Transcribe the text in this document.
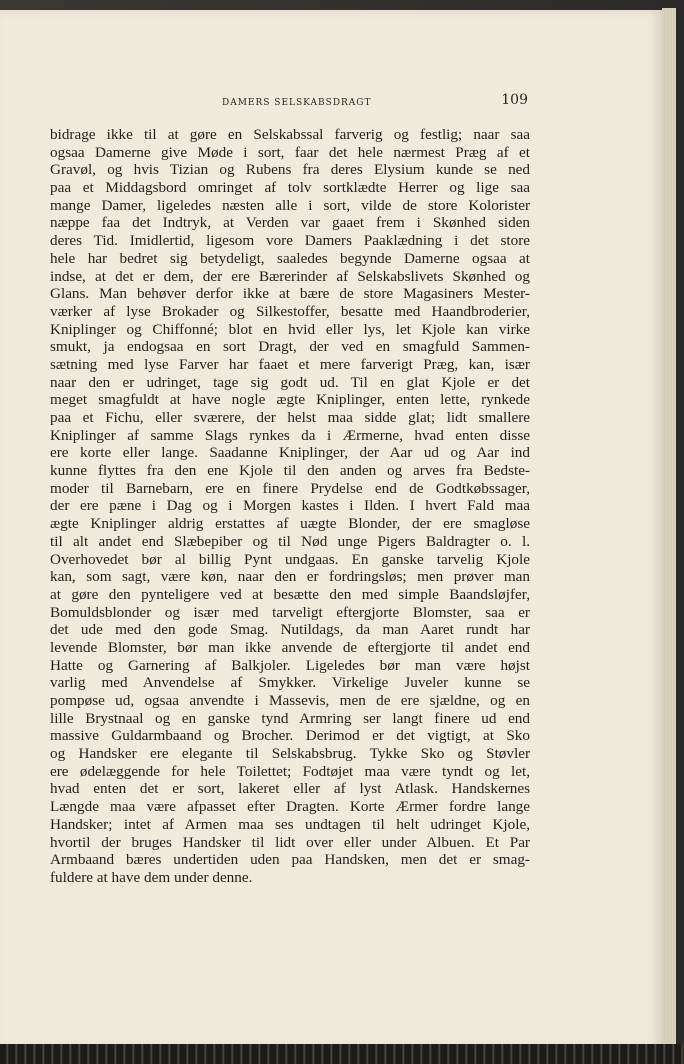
DAMERS SELSKABSDRAGT	109
bidrage ikke til at gøre en Selskabssal farverig og festlig; naar saa
ogsaa Damerne give Møde i sort, faar det hele nærmest Præg af et
Gravøl, og hvis Tizian og Rubens fra deres Elysium kunde se ned
paa et Middagsbord omringet af tolv sortklædte Herrer og lige saa
mange Damer, ligeledes næsten alle i sort, vilde de store Kolorister
næppe faa det Indtryk, at Verden var gaaet frem i Skønhed siden
deres Tid. Imidlertid, ligesom vore Damers Paaklædning i det store
hele har bedret sig betydeligt, saaledes begynde Damerne ogsaa at
indse, at det er dem, der ere Bærerinder af Selskabslivets Skønhed og
Glans. Man behøver derfor ikke at bære de store Magasiners Mester-
værker af lyse Brokader og Silkestoffer, besatte med Haandbroderier,
Kniplinger og Chiffonné; blot en hvid eller lys, let Kjole kan virke
smukt, ja endogsaa en sort Dragt, der ved en smagfuld Sammen-
sætning med lyse Farver har faaet et mere farverigt Præg, kan, især
naar den er udringet, tage sig godt ud. Til en glat Kjole er det
meget smagfuldt at have nogle ægte Kniplinger, enten lette, rynkede
paa et Fichu, eller sværere, der helst maa sidde glat; lidt smallere
Kniplinger af samme Slags rynkes da i Ærmerne, hvad enten disse
ere korte eller lange. Saadanne Kniplinger, der Aar ud og Aar ind
kunne flyttes fra den ene Kjole til den anden og arves fra Bedste-
moder til Barnebarn, ere en finere Prydelse end de Godtkøbssager,
der ere pæne i Dag og i Morgen kastes i Ilden. I hvert Fald maa
ægte Kniplinger aldrig erstattes af uægte Blonder, der ere smagløse
til alt andet end Slæbepiber og til Nød unge Pigers Baldragter o. l.
Overhovedet bør al billig Pynt undgaas. En ganske tarvelig Kjole
kan, som sagt, være køn, naar den er fordringsløs; men prøver man
at gøre den pynteligere ved at besætte den med simple Baandsløjfer,
Bomuldsblonder og især med tarveligt eftergjorte Blomster, saa er
det ude med den gode Smag. Nutildags, da man Aaret rundt har
levende Blomster, bør man ikke anvende de eftergjorte til andet end
Hatte og Garnering af Balkjoler. Ligeledes bør man være højst
varlig med Anvendelse af Smykker. Virkelige Juveler kunne se
pompøse ud, ogsaa anvendte i Massevis, men de ere sjældne, og en
lille Brystnaal og en ganske tynd Armring ser langt finere ud end
massive Guldarmbaand og Brocher. Derimod er det vigtigt, at Sko
og Handsker ere elegante til Selskabsbrug. Tykke Sko og Støvler
ere ødelæggende for hele Toilettet; Fodtøjet maa være tyndt og let,
hvad enten det er sort, lakeret eller af lyst Atlask. Handskernes
Længde maa være afpasset efter Dragten. Korte Ærmer fordre lange
Handsker; intet af Armen maa ses undtagen til helt udringet Kjole,
hvortil der bruges Handsker til lidt over eller under Albuen. Et Par
Armbaand bæres undertiden uden paa Handsken, men det er smag-
fuldere at have dem under denne.
